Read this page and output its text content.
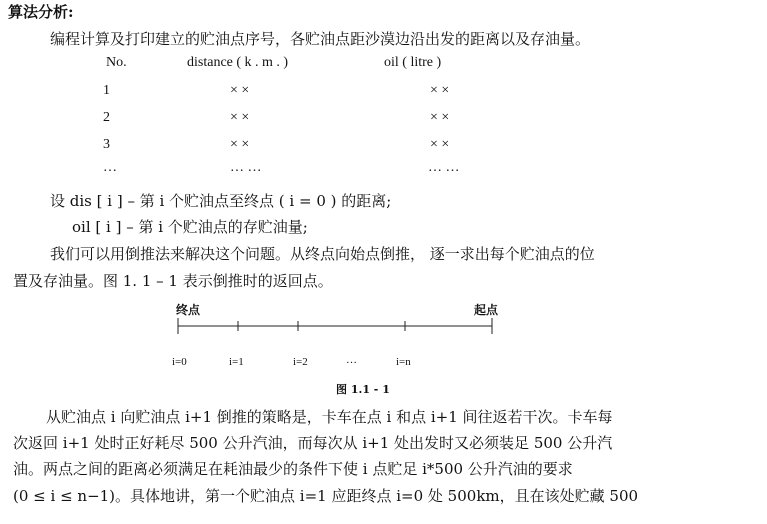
算法分析:
编程计算及打印建立的贮油点序号，各贮油点距沙漠边沿出发的距离以及存油量。
No.	distance ( k . m . )	oil ( litre )
1	× ×	× ×
2	× ×	× ×
3	× ×	× ×
…	… …	… …
设 dis [ i ] – 第 i 个贮油点至终点 ( i = 0 ) 的距离;
oil [ i ] – 第 i 个贮油点的存贮油量;
我们可以用倒推法来解决这个问题。从终点向始点倒推， 逐一求出每个贮油点的位
置及存油量。图 1. 1 – 1 表示倒推时的返回点。
终点	起点
i=0	i=1	i=2	…	i=n
图 1.1 - 1
从贮油点 i 向贮油点 i+1 倒推的策略是，卡车在点 i 和点 i+1 间往返若干次。卡车每
次返回 i+1 处时正好耗尽 500 公升汽油，而每次从 i+1 处出发时又必须装足 500 公升汽
油。两点之间的距离必须满足在耗油最少的条件下使 i 点贮足 i*500 公升汽油的要求
(0 ≤ i ≤ n−1)。具体地讲，第一个贮油点 i=1 应距终点 i=0 处 500km，且在该处贮藏 500
